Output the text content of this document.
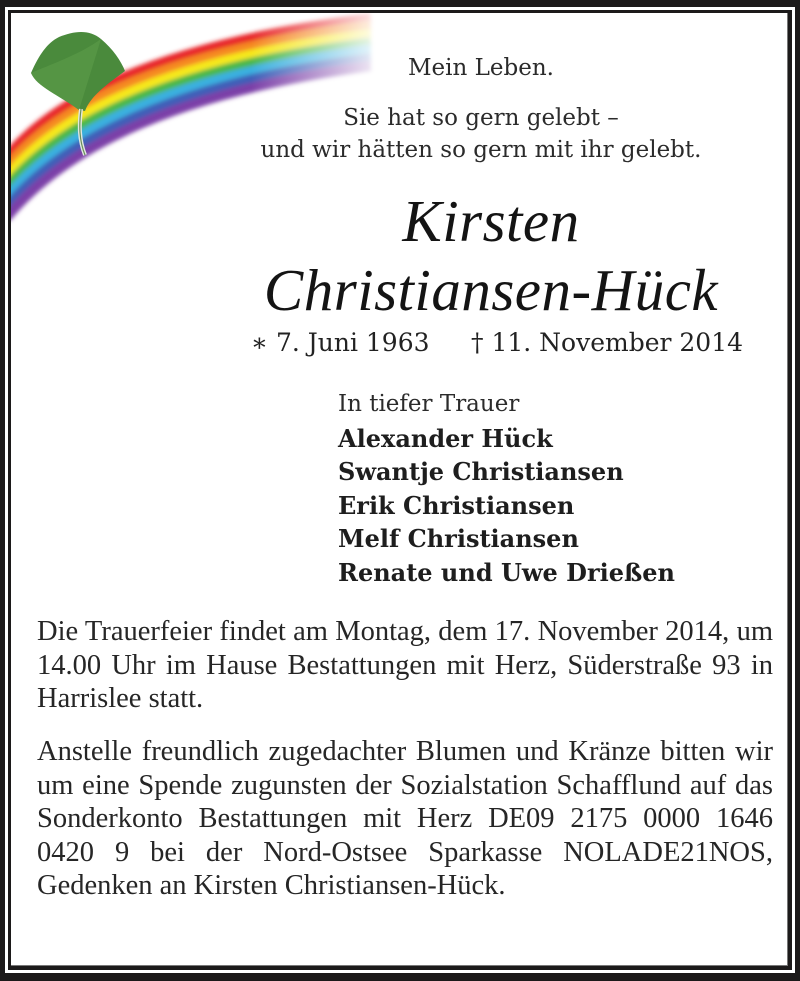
Mein Leben.
Sie hat so gern gelebt –
und wir hätten so gern mit ihr gelebt.
Kirsten
Christiansen-Hück
∗ 7. Juni 1963 † 11. November 2014
In tiefer Trauer
Alexander Hück
Swantje Christiansen
Erik Christiansen
Melf Christiansen
Renate und Uwe Drießen
Die Trauerfeier findet am Montag, dem 17. November 2014, um 14.00 Uhr im Hause Bestattungen mit Herz, Süderstraße 93 in Harrislee statt.
Anstelle freundlich zugedachter Blumen und Kränze bitten wir um eine Spende zugunsten der Sozialstation Schafflund auf das Sonderkonto Bestattungen mit Herz DE09 2175 0000 1646 0420 9 bei der Nord-Ostsee Sparkasse NOLADE21NOS, Gedenken an Kirsten Christiansen-Hück.
